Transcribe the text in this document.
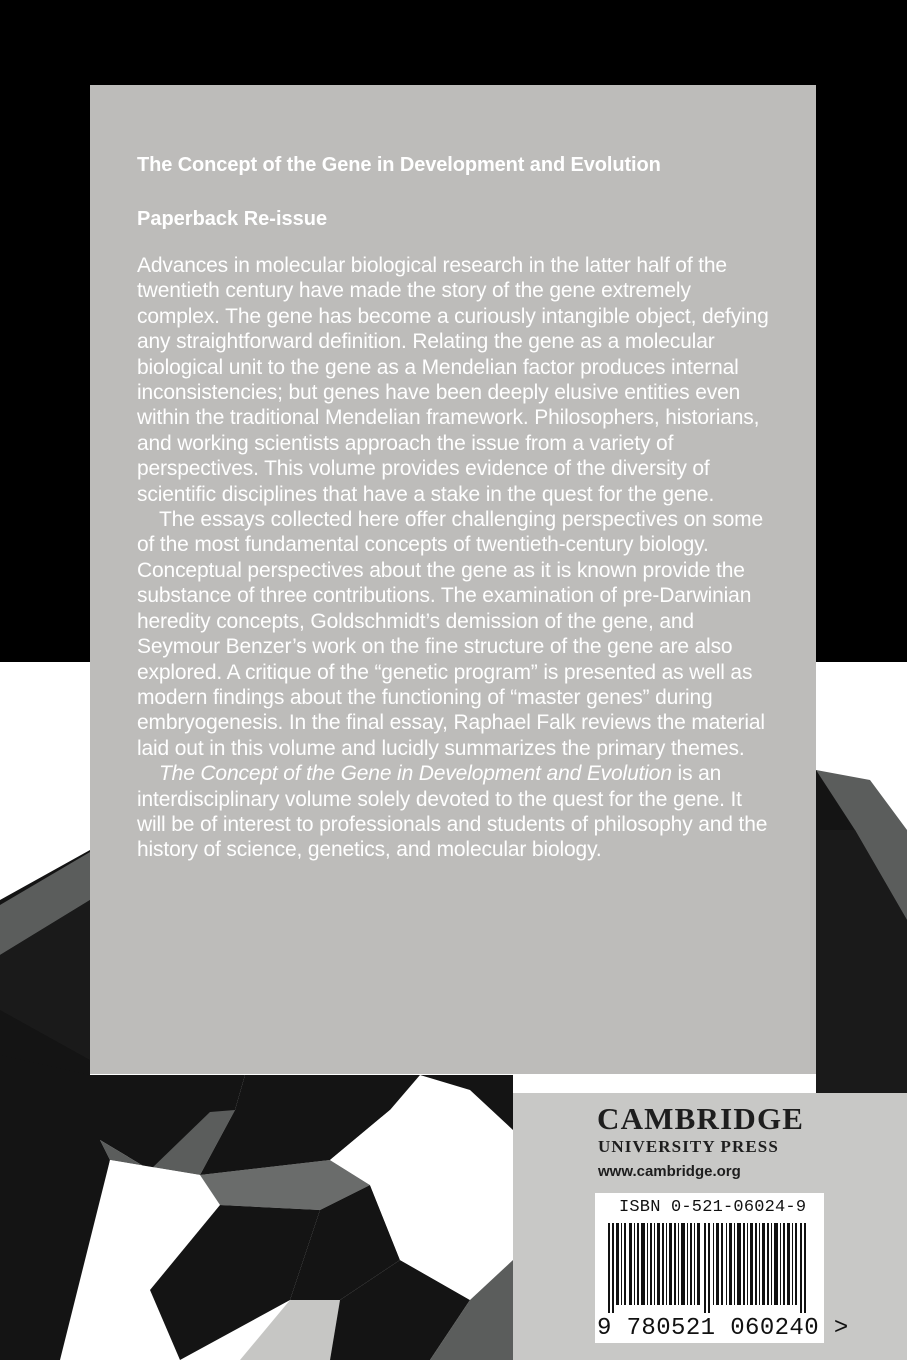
The Concept of the Gene in Development and Evolution
Paperback Re-issue

Advances in molecular biological research in the latter half of the twentieth century have made the story of the gene extremely complex. The gene has become a curiously intangible object, defying any straightforward definition. Relating the gene as a molecular biological unit to the gene as a Mendelian factor produces internal inconsistencies; but genes have been deeply elusive entities even within the traditional Mendelian framework. Philosophers, historians, and working scientists approach the issue from a variety of perspectives. This volume provides evidence of the diversity of scientific disciplines that have a stake in the quest for the gene.

The essays collected here offer challenging perspectives on some of the most fundamental concepts of twentieth-century biology. Conceptual perspectives about the gene as it is known provide the substance of three contributions. The examination of pre-Darwinian heredity concepts, Goldschmidt’s demission of the gene, and Seymour Benzer’s work on the fine structure of the gene are also explored. A critique of the “genetic program” is presented as well as modern findings about the functioning of “master genes” during embryogenesis. In the final essay, Raphael Falk reviews the material laid out in this volume and lucidly summarizes the primary themes.

The Concept of the Gene in Development and Evolution is an interdisciplinary volume solely devoted to the quest for the gene. It will be of interest to professionals and students of philosophy and the history of science, genetics, and molecular biology.

CAMBRIDGE
UNIVERSITY PRESS
www.cambridge.org
ISBN 0-521-06024-9
9 780521 060240 >
